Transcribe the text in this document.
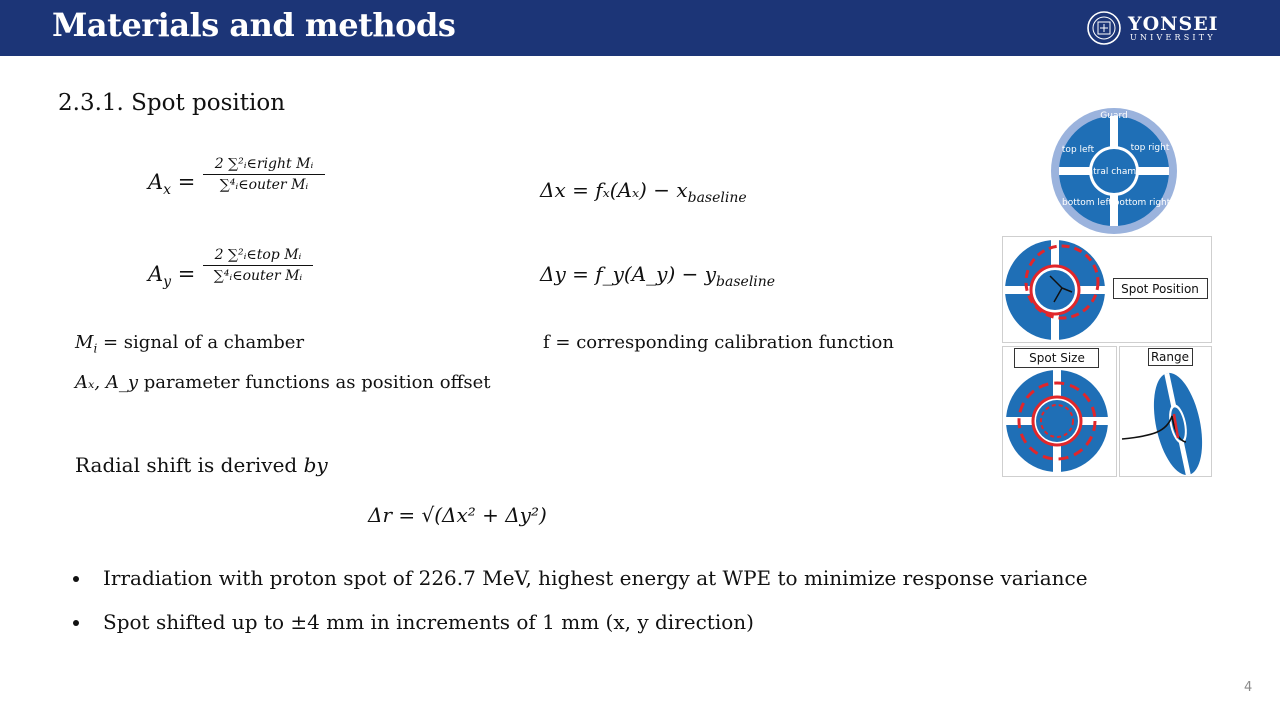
Materials and methods	YONSEI
UNIVERSITY
2.3.1. Spot position
$A_x$ =
2 ∑²ᵢ∈right Mᵢ
∑⁴ᵢ∈outer Mᵢ
$A_y$ =
2 ∑²ᵢ∈top Mᵢ
∑⁴ᵢ∈outer Mᵢ
$\Delta x = f_x(A_x) - x_{baseline}$
Δy = f_y(A_y) − $y_{baseline}$
$M_i$ = signal of a chamber	f = corresponding calibration function
Aₓ, A_y parameter functions as position offset
Radial shift is derived by
Δr = √(Δx² + Δy²)
Irradiation with proton spot of 226.7 MeV, highest energy at WPE to minimize response variance
Spot shifted up to ±4 mm in increments of 1 mm (x, y direction)
Guard
top left	top right
central chamber
bottom left bottom right
Spot Position
Spot Size	Range
4
